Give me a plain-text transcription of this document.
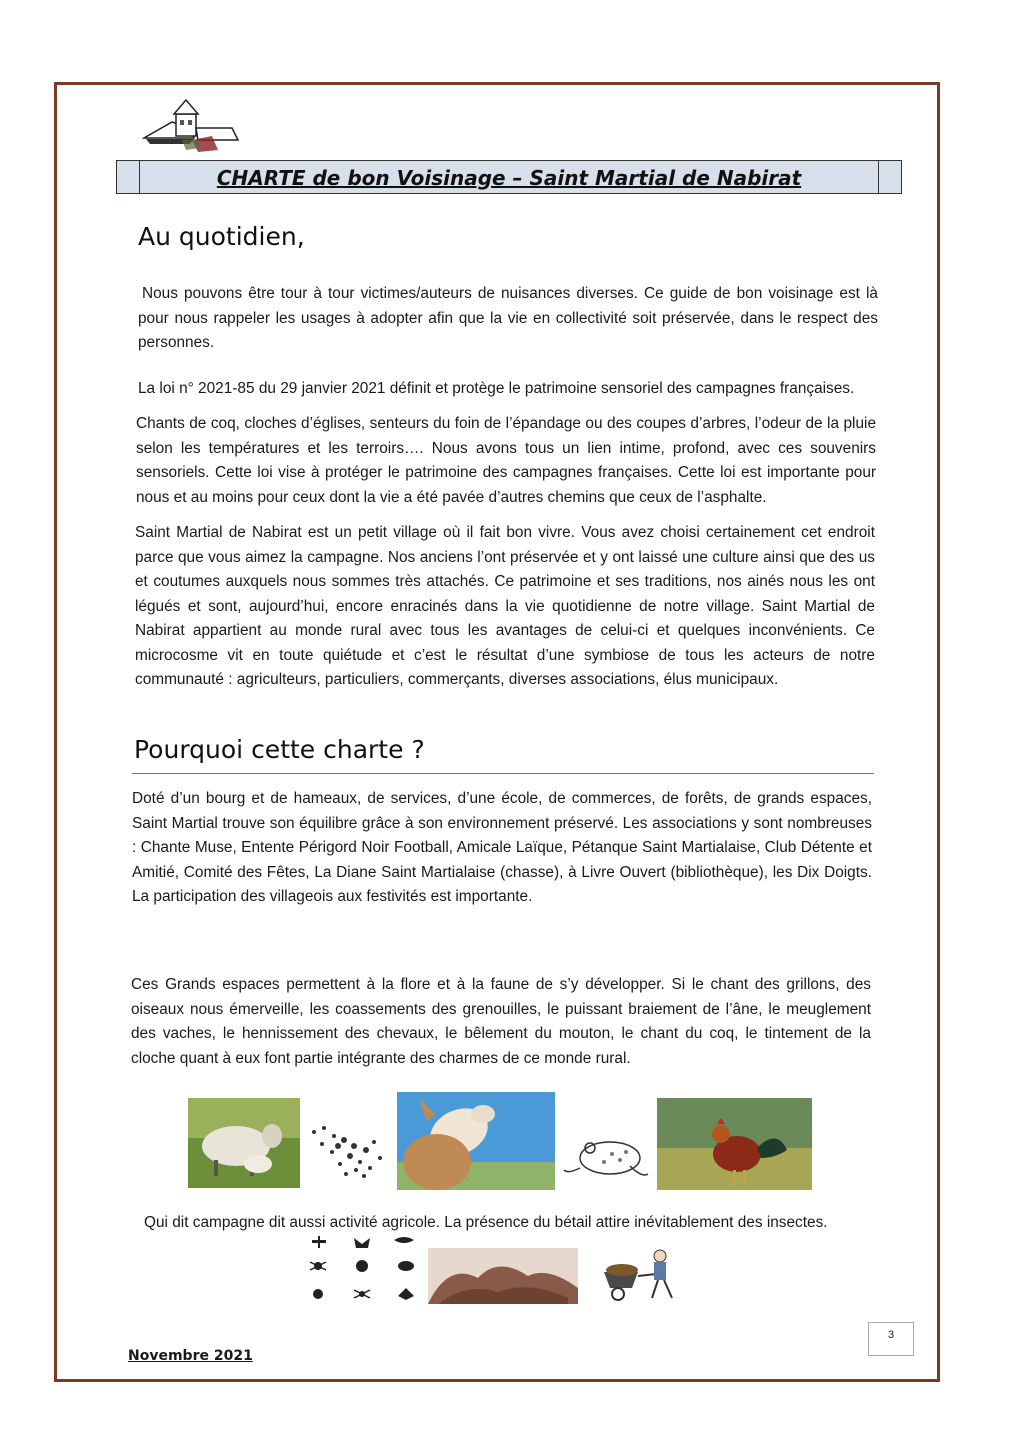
CHARTE de bon Voisinage – Saint Martial de Nabirat
Au quotidien,

Nous pouvons être tour à tour victimes/auteurs de nuisances diverses. Ce guide de bon voisinage est là pour nous rappeler les usages à adopter afin que la vie en collectivité soit préservée, dans le respect des personnes.

La loi n° 2021-85 du 29 janvier 2021 définit et protège le patrimoine sensoriel des campagnes françaises.

Chants de coq, cloches d’églises, senteurs du foin de l’épandage ou des coupes d’arbres, l’odeur de la pluie selon les températures et les terroirs…. Nous avons tous un lien intime, profond, avec ces souvenirs sensoriels. Cette loi vise à protéger le patrimoine des campagnes françaises. Cette loi est importante pour nous et au moins pour ceux dont la vie a été pavée d’autres chemins que ceux de l’asphalte.

Saint Martial de Nabirat est un petit village où il fait bon vivre. Vous avez choisi certainement cet endroit parce que vous aimez la campagne. Nos anciens l’ont préservée et y ont laissé une culture ainsi que des us et coutumes auxquels nous sommes très attachés. Ce patrimoine et ses traditions, nos ainés nous les ont légués et sont, aujourd’hui, encore enracinés dans la vie quotidienne de notre village. Saint Martial de Nabirat appartient au monde rural avec tous les avantages de celui-ci et quelques inconvénients. Ce microcosme vit en toute quiétude et c’est le résultat d’une symbiose de tous les acteurs de notre communauté : agriculteurs, particuliers, commerçants, diverses associations, élus municipaux.

Pourquoi cette charte ?

Doté d’un bourg et de hameaux, de services, d’une école, de commerces, de forêts, de grands espaces, Saint Martial trouve son équilibre grâce à son environnement préservé. Les associations y sont nombreuses : Chante Muse, Entente Périgord Noir Football, Amicale Laïque, Pétanque Saint Martialaise, Club Détente et Amitié, Comité des Fêtes, La Diane Saint Martialaise (chasse), à Livre Ouvert (bibliothèque), les Dix Doigts. La participation des villageois aux festivités est importante.

Ces Grands espaces permettent à la flore et à la faune de s’y développer. Si le chant des grillons, des oiseaux nous émerveille, les coassements des grenouilles, le puissant braiement de l’âne, le meuglement des vaches, le hennissement des chevaux, le bêlement du mouton, le chant du coq, le tintement de la cloche quant à eux font partie intégrante des charmes de ce monde rural.

Qui dit campagne dit aussi activité agricole. La présence du bétail attire inévitablement des insectes.
Novembre 2021
3
